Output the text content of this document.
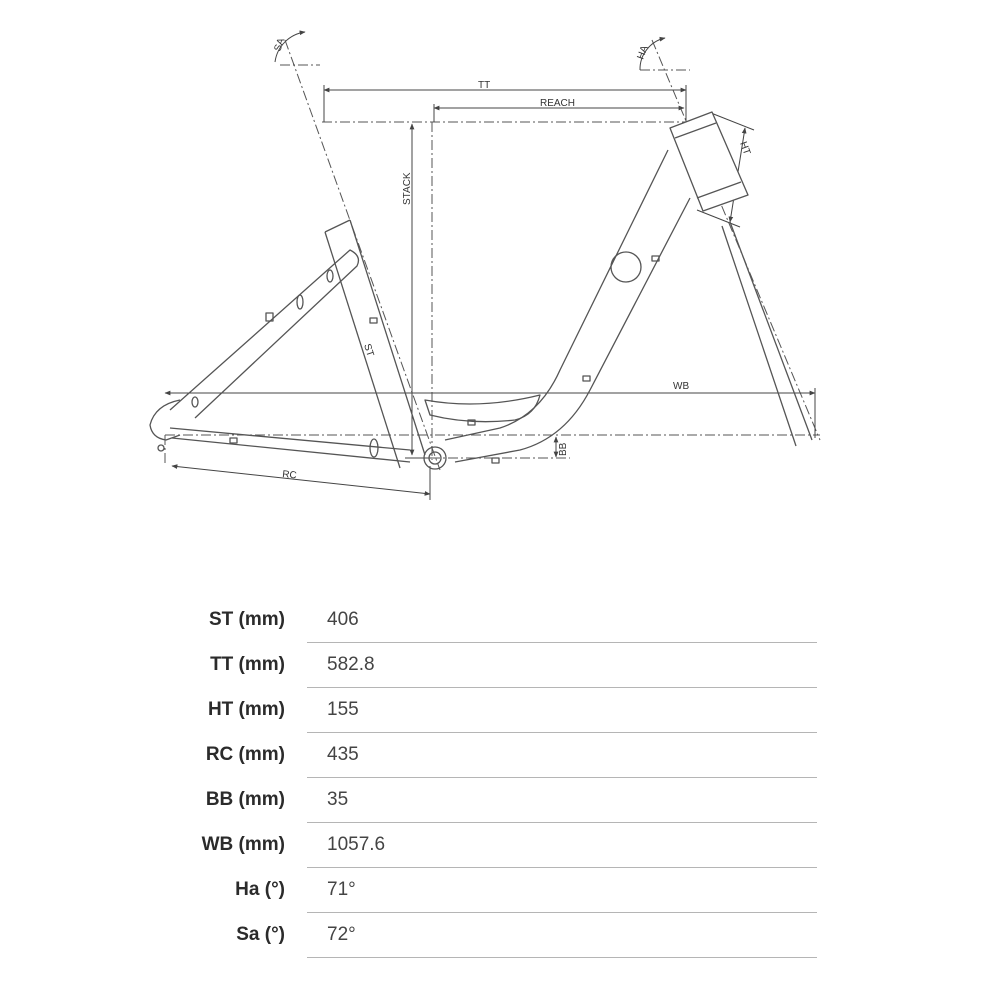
SA	HA
TT
REACH
HT
STACK
ST
WB
BB
RC
ST (mm)	406
TT (mm)	582.8
HT (mm)	155
RC (mm)	435
BB (mm)	35
WB (mm)	1057.6
Ha (°)	71°
Sa (°)	72°
